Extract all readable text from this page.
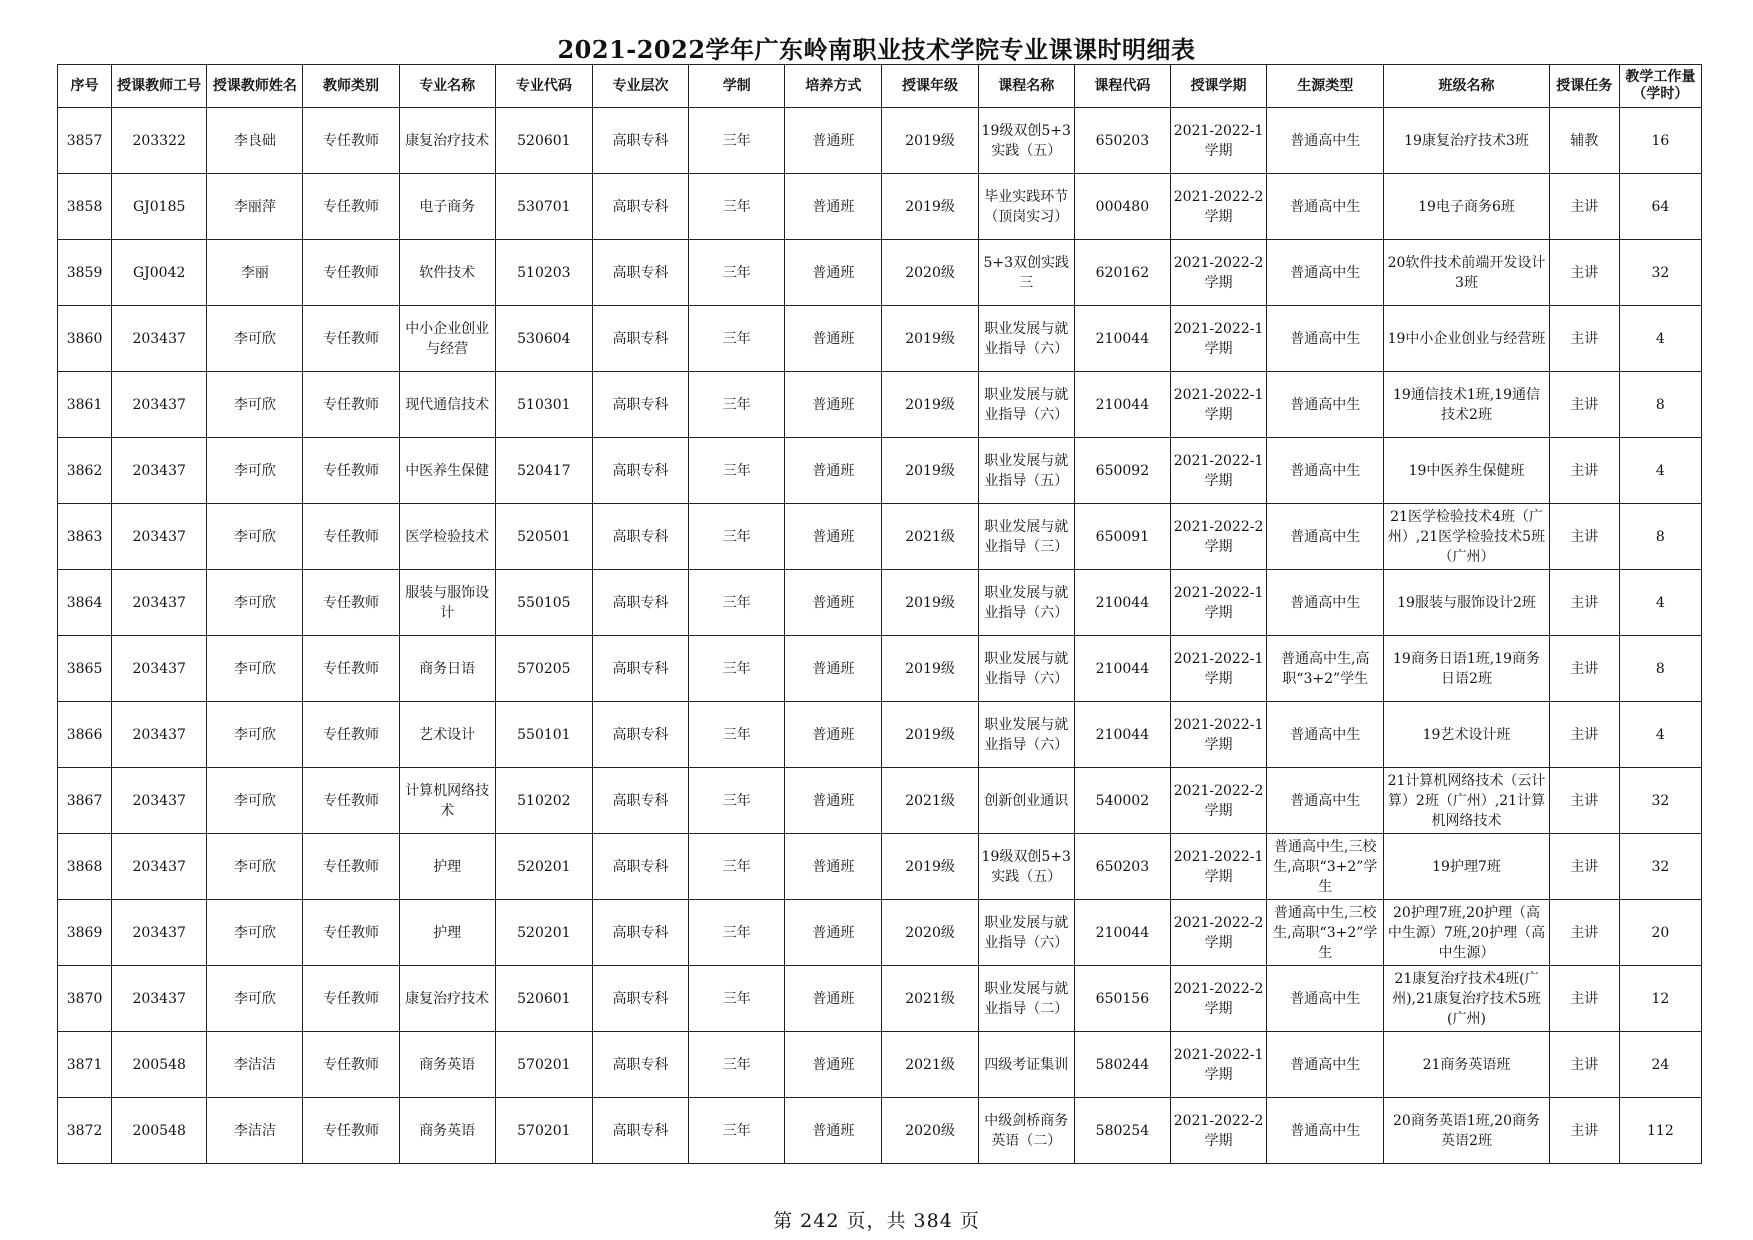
2021-2022学年广东岭南职业技术学院专业课课时明细表
序号	授课教师工号	授课教师姓名	教师类别	专业名称	专业代码	专业层次	学制	培养方式	授课年级	课程名称	课程代码	授课学期	生源类型	班级名称	授课任务	教学工作量（学时）

3857	203322	李良础	专任教师	康复治疗技术	520601	高职专科	三年	普通班	2019级	19级双创5+3实践（五）	650203	2021-2022-1学期	普通高中生	19康复治疗技术3班	辅教	16

3858	GJ0185	李丽萍	专任教师	电子商务	530701	高职专科	三年	普通班	2019级	毕业实践环节（顶岗实习）	000480	2021-2022-2学期	普通高中生	19电子商务6班	主讲	64

3859	GJ0042	李丽	专任教师	软件技术	510203	高职专科	三年	普通班	2020级	5+3双创实践三	620162	2021-2022-2学期	普通高中生	20软件技术前端开发设计3班	主讲	32

3860	203437	李可欣	专任教师	中小企业创业与经营	530604	高职专科	三年	普通班	2019级	职业发展与就业指导（六）	210044	2021-2022-1学期	普通高中生	19中小企业创业与经营班	主讲	4

3861	203437	李可欣	专任教师	现代通信技术	510301	高职专科	三年	普通班	2019级	职业发展与就业指导（六）	210044	2021-2022-1学期	普通高中生	19通信技术1班,19通信技术2班	主讲	8

3862	203437	李可欣	专任教师	中医养生保健	520417	高职专科	三年	普通班	2019级	职业发展与就业指导（五）	650092	2021-2022-1学期	普通高中生	19中医养生保健班	主讲	4

3863	203437	李可欣	专任教师	医学检验技术	520501	高职专科	三年	普通班	2021级	职业发展与就业指导（三）	650091	2021-2022-2学期	普通高中生	21医学检验技术4班（广州）,21医学检验技术5班（广州）	主讲	8

3864	203437	李可欣	专任教师	服装与服饰设计	550105	高职专科	三年	普通班	2019级	职业发展与就业指导（六）	210044	2021-2022-1学期	普通高中生	19服装与服饰设计2班	主讲	4

3865	203437	李可欣	专任教师	商务日语	570205	高职专科	三年	普通班	2019级	职业发展与就业指导（六）	210044	2021-2022-1学期	普通高中生,高职“3+2”学生	19商务日语1班,19商务日语2班	主讲	8

3866	203437	李可欣	专任教师	艺术设计	550101	高职专科	三年	普通班	2019级	职业发展与就业指导（六）	210044	2021-2022-1学期	普通高中生	19艺术设计班	主讲	4

3867	203437	李可欣	专任教师	计算机网络技术	510202	高职专科	三年	普通班	2021级	创新创业通识	540002	2021-2022-2学期	普通高中生	21计算机网络技术（云计算）2班（广州）,21计算机网络技术	主讲	32

3868	203437	李可欣	专任教师	护理	520201	高职专科	三年	普通班	2019级	19级双创5+3实践（五）	650203	2021-2022-1学期	普通高中生,三校生,高职“3+2”学生	19护理7班	主讲	32

3869	203437	李可欣	专任教师	护理	520201	高职专科	三年	普通班	2020级	职业发展与就业指导（六）	210044	2021-2022-2学期	普通高中生,三校生,高职“3+2”学生	20护理7班,20护理（高中生源）7班,20护理（高中生源）	主讲	20

3870	203437	李可欣	专任教师	康复治疗技术	520601	高职专科	三年	普通班	2021级	职业发展与就业指导（二）	650156	2021-2022-2学期	普通高中生	21康复治疗技术4班(广州),21康复治疗技术5班(广州)	主讲	12

3871	200548	李洁洁	专任教师	商务英语	570201	高职专科	三年	普通班	2021级	四级考证集训	580244	2021-2022-1学期	普通高中生	21商务英语班	主讲	24

3872	200548	李洁洁	专任教师	商务英语	570201	高职专科	三年	普通班	2020级	中级剑桥商务英语（二）	580254	2021-2022-2学期	普通高中生	20商务英语1班,20商务英语2班	主讲	112
第 242 页，共 384 页
